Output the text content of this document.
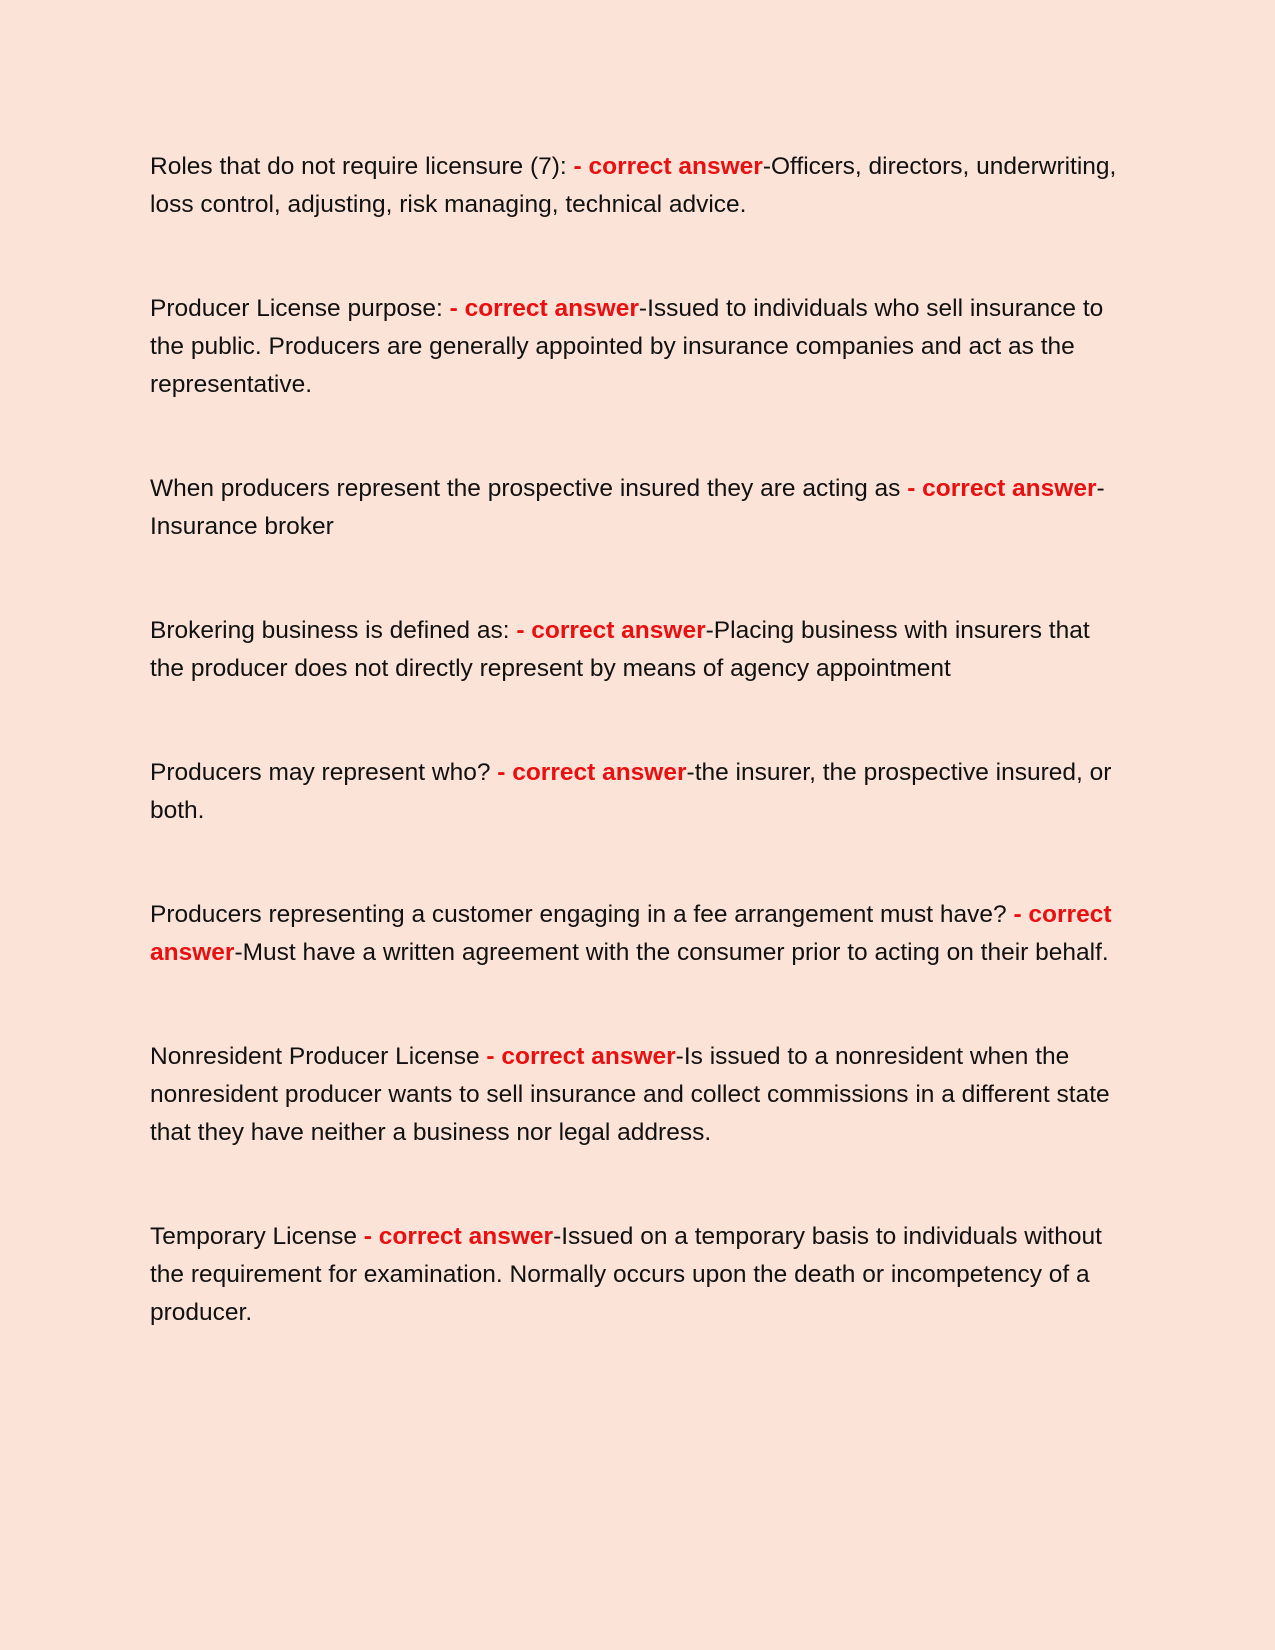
Roles that do not require licensure (7): - correct answer-Officers, directors, underwriting, loss control, adjusting, risk managing, technical advice.

Producer License purpose: - correct answer-Issued to individuals who sell insurance to the public. Producers are generally appointed by insurance companies and act as the representative.

When producers represent the prospective insured they are acting as - correct answer-Insurance broker

Brokering business is defined as: - correct answer-Placing business with insurers that the producer does not directly represent by means of agency appointment

Producers may represent who? - correct answer-the insurer, the prospective insured, or both.

Producers representing a customer engaging in a fee arrangement must have? - correct answer-Must have a written agreement with the consumer prior to acting on their behalf.

Nonresident Producer License - correct answer-Is issued to a nonresident when the nonresident producer wants to sell insurance and collect commissions in a different state that they have neither a business nor legal address.

Temporary License - correct answer-Issued on a temporary basis to individuals without the requirement for examination. Normally occurs upon the death or incompetency of a producer.
